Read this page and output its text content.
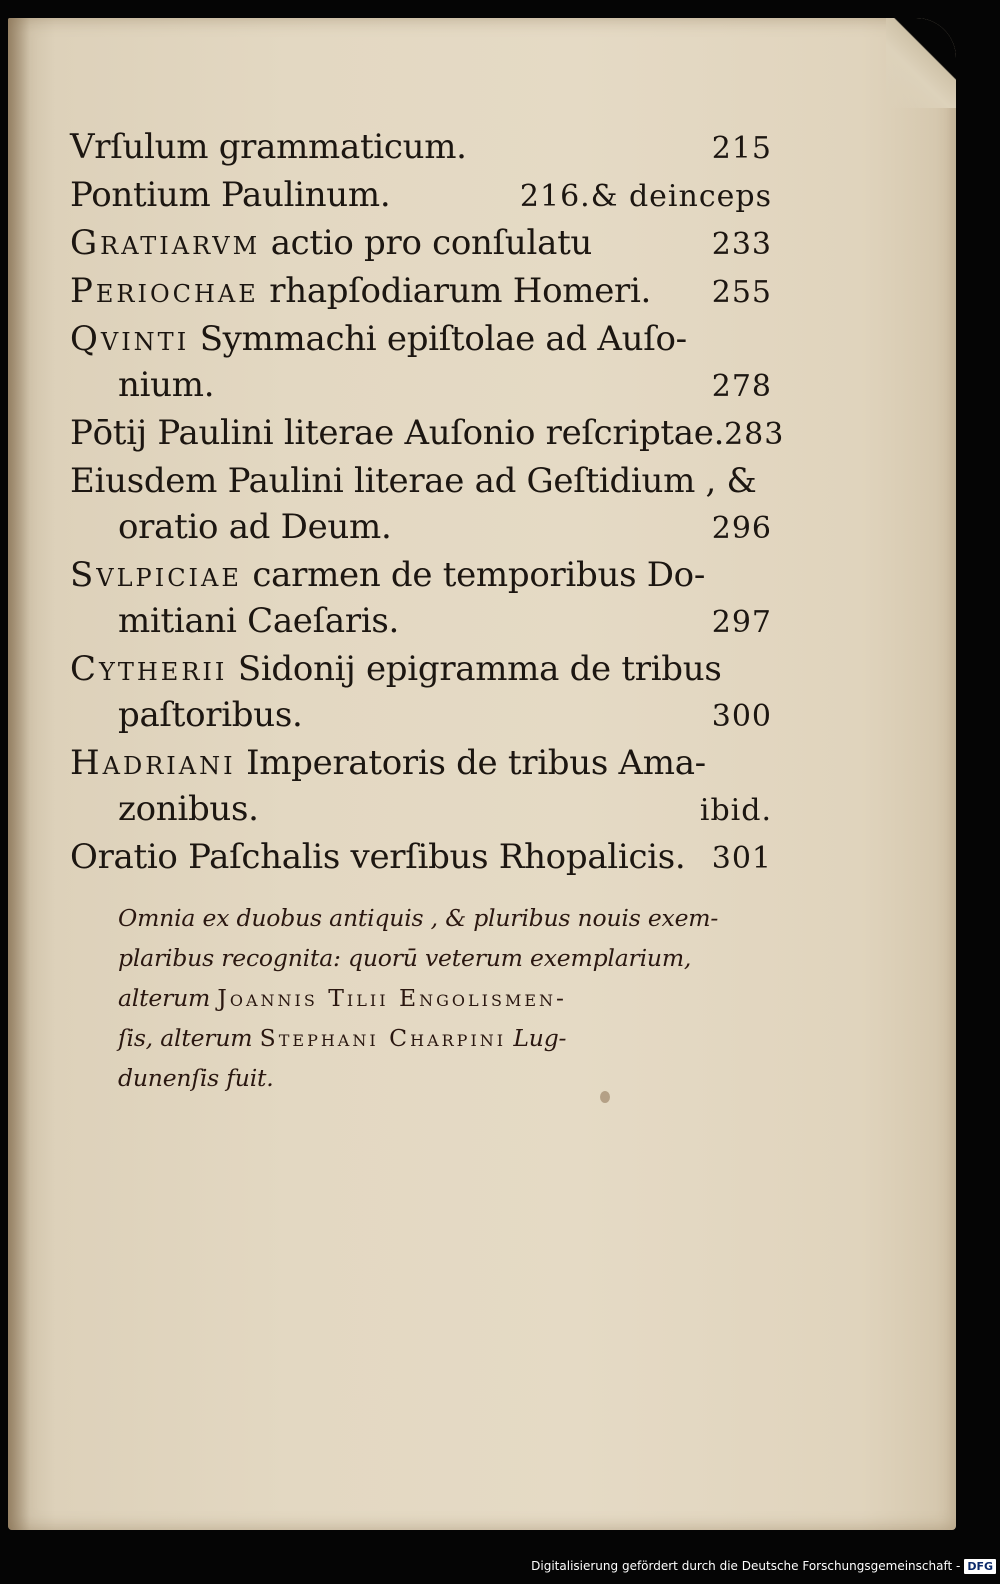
Vrſulum grammaticum.	215
Pontium Paulinum.	216.& deinceps
Gratiarvm actio pro conſulatu	233
Periochae rhapſodiarum Homeri. 255
Qvinti Symmachi epiſtolae ad Auſo-
nium.	278
Pōtij Paulini literae Auſonio reſcriptae. 283
Eiusdem Paulini literae ad Geſtidium , &
oratio ad Deum.	296
Svlpiciae carmen de temporibus Do-
mitiani Caeſaris.	297
Cytherii Sidonij epigramma de tribus
paſtoribus.	300
Hadriani Imperatoris de tribus Ama-
zonibus.	ibid.
Oratio Paſchalis verſibus Rhopalicis. 301
Omnia ex duobus antiquis , & pluribus nouis exem-
plaribus recognita: quorū veterum exemplarium,
alterum Joannis Tilii Engolismen-
ſis, alterum Stephani Charpini Lug-
dunenſis fuit.
Digitalisierung gefördert durch die Deutsche Forschungsgemeinschaft - DFG
